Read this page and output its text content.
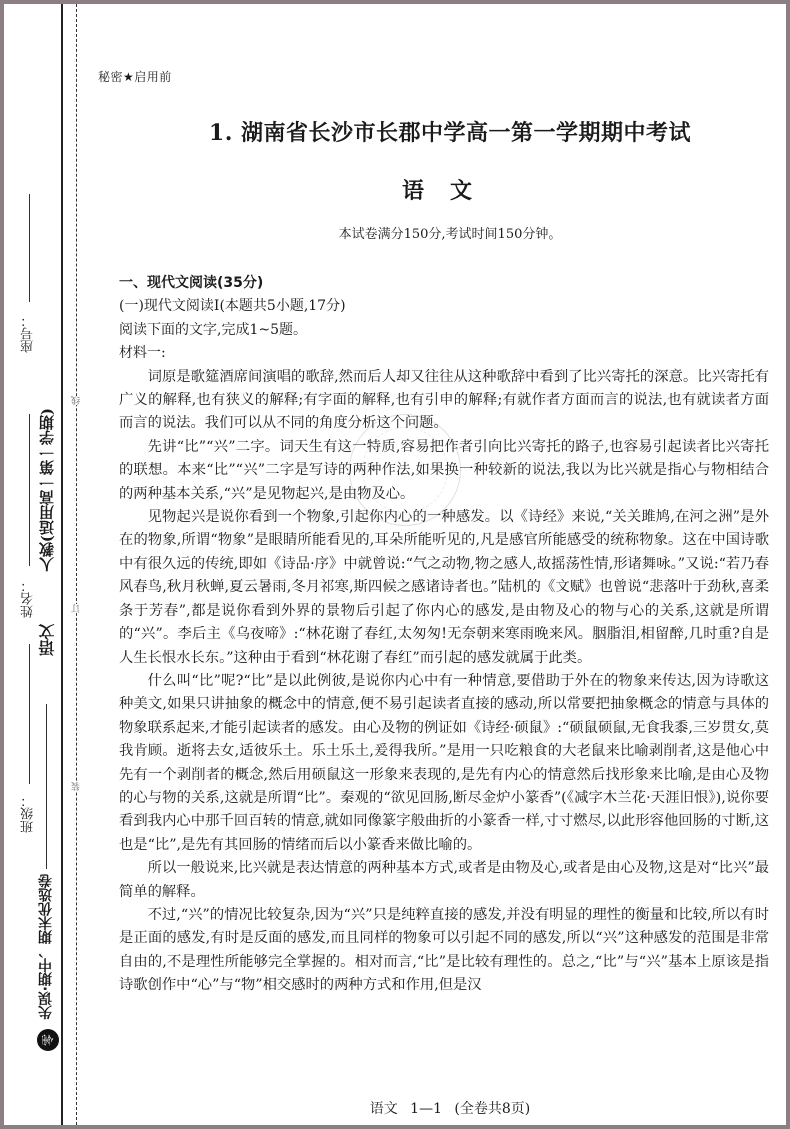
线
订
装
座号：
姓名：
班级：
人教(适用高一第一学期)
语文
失误·期中、期末优选卷
零
秘密★启用前
1. 湖南省长沙市长郡中学高一第一学期期中考试
语文
本试卷满分150分,考试时间150分钟。

一、现代文阅读(35分)

(一)现代文阅读Ⅰ(本题共5小题,17分)

阅读下面的文字,完成1~5题。

材料一:

词原是歌筵酒席间演唱的歌辞,然而后人却又往往从这种歌辞中看到了比兴寄托的深意。比兴寄托有广义的解释,也有狭义的解释;有字面的解释,也有引申的解释;有就作者方面而言的说法,也有就读者方面而言的说法。我们可以从不同的角度分析这个问题。

先讲“比”“兴”二字。词天生有这一特质,容易把作者引向比兴寄托的路子,也容易引起读者比兴寄托的联想。本来“比”“兴”二字是写诗的两种作法,如果换一种较新的说法,我以为比兴就是指心与物相结合的两种基本关系,“兴”是见物起兴,是由物及心。

见物起兴是说你看到一个物象,引起你内心的一种感发。以《诗经》来说,“关关雎鸠,在河之洲”是外在的物象,所谓“物象”是眼睛所能看见的,耳朵所能听见的,凡是感官所能感受的统称物象。这在中国诗歌中有很久远的传统,即如《诗品·序》中就曾说:“气之动物,物之感人,故摇荡性情,形诸舞咏。”又说:“若乃春风春鸟,秋月秋蝉,夏云暑雨,冬月祁寒,斯四候之感诸诗者也。”陆机的《文赋》也曾说“悲落叶于劲秋,喜柔条于芳春”,都是说你看到外界的景物后引起了你内心的感发,是由物及心的物与心的关系,这就是所谓的“兴”。李后主《乌夜啼》:“林花谢了春红,太匆匆!无奈朝来寒雨晚来风。胭脂泪,相留醉,几时重?自是人生长恨水长东。”这种由于看到“林花谢了春红”而引起的感发就属于此类。

什么叫“比”呢?“比”是以此例彼,是说你内心中有一种情意,要借助于外在的物象来传达,因为诗歌这种美文,如果只讲抽象的概念中的情意,便不易引起读者直接的感动,所以常要把抽象概念的情意与具体的物象联系起来,才能引起读者的感发。由心及物的例证如《诗经·硕鼠》:“硕鼠硕鼠,无食我黍,三岁贯女,莫我肯顾。逝将去女,适彼乐土。乐土乐土,爰得我所。”是用一只吃粮食的大老鼠来比喻剥削者,这是他心中先有一个剥削者的概念,然后用硕鼠这一形象来表现的,是先有内心的情意然后找形象来比喻,是由心及物的心与物的关系,这就是所谓“比”。秦观的“欲见回肠,断尽金炉小篆香”(《减字木兰花·天涯旧恨》),说你要看到我内心中那千回百转的情意,就如同像篆字般曲折的小篆香一样,寸寸燃尽,以此形容他回肠的寸断,这也是“比”,是先有其回肠的情绪而后以小篆香来做比喻的。

所以一般说来,比兴就是表达情意的两种基本方式,或者是由物及心,或者是由心及物,这是对“比兴”最简单的解释。

不过,“兴”的情况比较复杂,因为“兴”只是纯粹直接的感发,并没有明显的理性的衡量和比较,所以有时是正面的感发,有时是反面的感发,而且同样的物象可以引起不同的感发,所以“兴”这种感发的范围是非常自由的,不是理性所能够完全掌握的。相对而言,“比”是比较有理性的。总之,“比”与“兴”基本上原该是指诗歌创作中“心”与“物”相交感时的两种方式和作用,但是汉

语文 1—1 (全卷共8页)
